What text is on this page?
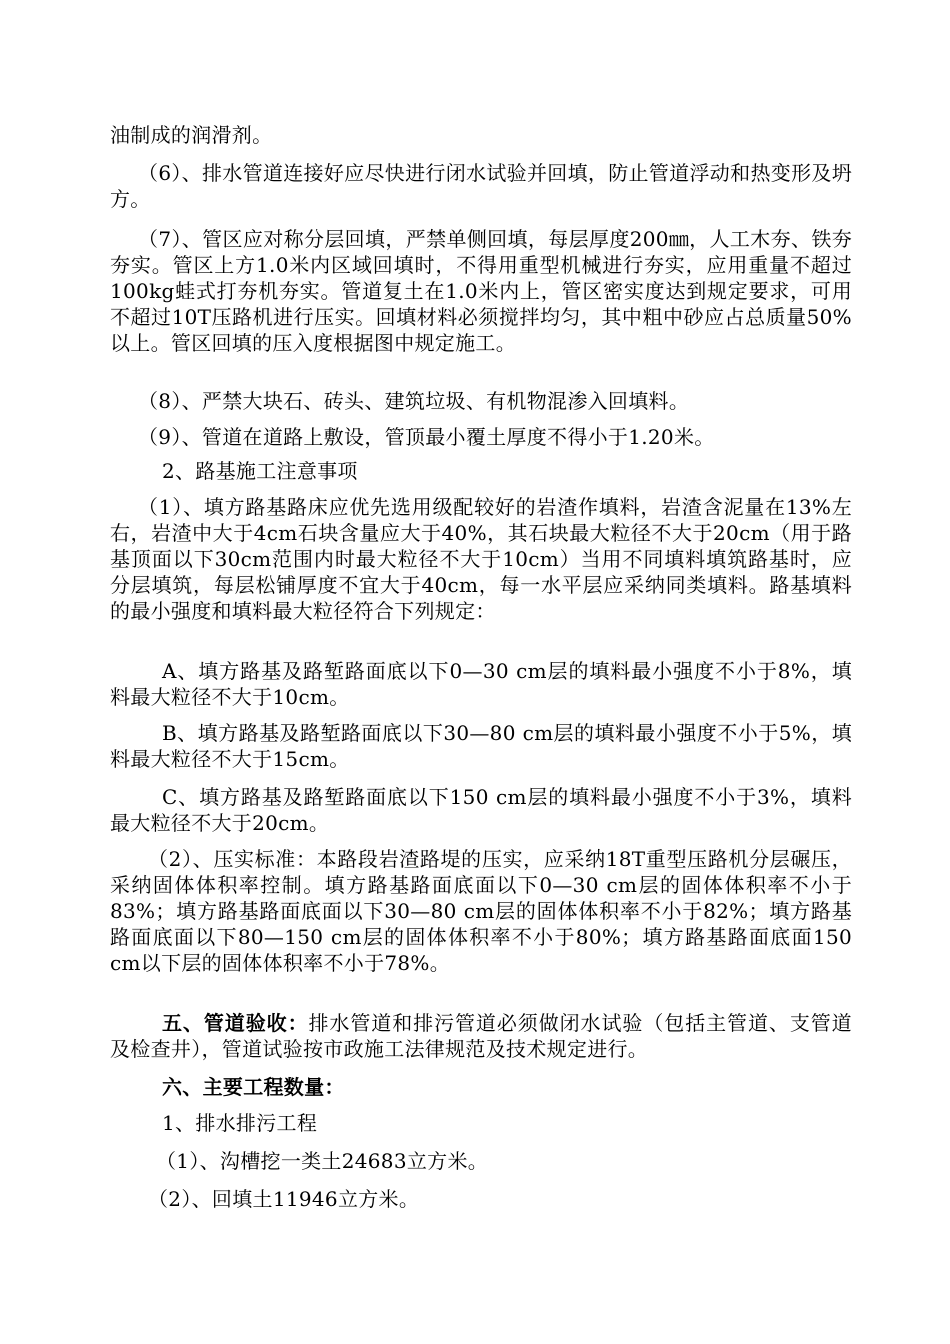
油制成的润滑剂。
（6）、排水管道连接好应尽快进行闭水试验并回填，防止管道浮动和热变形及坍方。
（7）、管区应对称分层回填，严禁单侧回填，每层厚度200㎜，人工木夯、铁夯夯实。管区上方1.0米内区域回填时，不得用重型机械进行夯实，应用重量不超过100kg蛙式打夯机夯实。管道复土在1.0米内上，管区密实度达到规定要求，可用不超过10T压路机进行压实。回填材料必须搅拌均匀，其中粗中砂应占总质量50%以上。管区回填的压入度根据图中规定施工。
（8）、严禁大块石、砖头、建筑垃圾、有机物混渗入回填料。
（9）、管道在道路上敷设，管顶最小覆土厚度不得小于1.20米。
2、路基施工注意事项
（1）、填方路基路床应优先选用级配较好的岩渣作填料，岩渣含泥量在13%左右，岩渣中大于4cm石块含量应大于40%，其石块最大粒径不大于20cm（用于路基顶面以下30cm范围内时最大粒径不大于10cm）当用不同填料填筑路基时，应分层填筑，每层松铺厚度不宜大于40cm，每一水平层应采纳同类填料。路基填料的最小强度和填料最大粒径符合下列规定：
A、填方路基及路堑路面底以下0—30 cm层的填料最小强度不小于8%，填料最大粒径不大于10cm。
B、填方路基及路堑路面底以下30—80 cm层的填料最小强度不小于5%，填料最大粒径不大于15cm。
C、填方路基及路堑路面底以下150 cm层的填料最小强度不小于3%，填料最大粒径不大于20cm。
（2）、压实标准：本路段岩渣路堤的压实，应采纳18T重型压路机分层碾压，采纳固体体积率控制。填方路基路面底面以下0—30 cm层的固体体积率不小于83%；填方路基路面底面以下30—80 cm层的固体体积率不小于82%；填方路基路面底面以下80—150 cm层的固体体积率不小于80%；填方路基路面底面150 cm以下层的固体体积率不小于78%。
五、管道验收：排水管道和排污管道必须做闭水试验（包括主管道、支管道及检查井），管道试验按市政施工法律规范及技术规定进行。
六、主要工程数量：
1、排水排污工程
（1）、沟槽挖一类土24683立方米。
（2）、回填土11946立方米。
